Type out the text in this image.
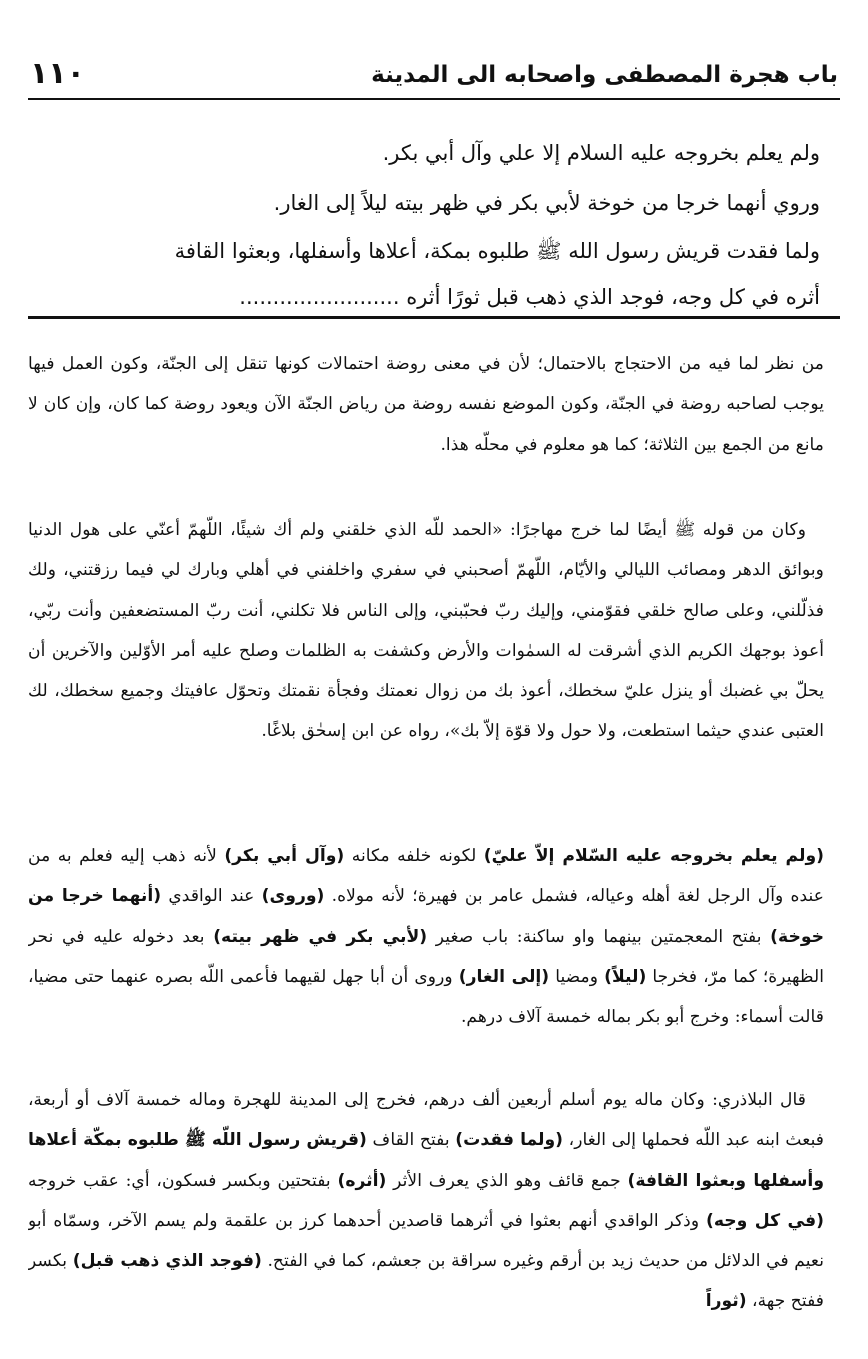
١١٠	باب هجرة المصطفى واصحابه الى المدينة

ولم يعلم بخروجه عليه السلام إلا علي وآل أبي بكر.

وروي أنهما خرجا من خوخة لأبي بكر في ظهر بيته ليلاً إلى الغار.

ولما فقدت قريش رسول الله ﷺ طلبوه بمكة، أعلاها وأسفلها، وبعثوا القافة

أثره في كل وجه، فوجد الذي ذهب قبل ثورًا أثره ........................

من نظر لما فيه من الاحتجاج بالاحتمال؛ لأن في معنى روضة احتمالات كونها تنقل إلى الجنّة، وكون العمل فيها يوجب لصاحبه روضة في الجنّة، وكون الموضع نفسه روضة من رياض الجنّة الآن ويعود روضة كما كان، وإن كان لا مانع من الجمع بين الثلاثة؛ كما هو معلوم في محلّه هذا.

وكان من قوله ﷺ أيضًا لما خرج مهاجرًا: «الحمد للّه الذي خلقني ولم أك شيئًا، اللّهمّ أعنّي على هول الدنيا وبوائق الدهر ومصائب الليالي والأيّام، اللّهمّ أصحبني في سفري واخلفني في أهلي وبارك لي فيما رزقتني، ولك فذلّلني، وعلى صالح خلقي فقوّمني، وإليك ربّ فحبّبني، وإلى الناس فلا تكلني، أنت ربّ المستضعفين وأنت ربّي، أعوذ بوجهك الكريم الذي أشرقت له السمٰوات والأرض وكشفت به الظلمات وصلح عليه أمر الأوّلين والآخرين أن يحلّ بي غضبك أو ينزل عليّ سخطك، أعوذ بك من زوال نعمتك وفجأة نقمتك وتحوّل عافيتك وجميع سخطك، لك العتبى عندي حيثما استطعت، ولا حول ولا قوّة إلاّ بك»، رواه عن ابن إسحٰق بلاغًا.

(ولم يعلم بخروجه عليه السّلام إلاّ عليّ) لكونه خلفه مكانه (وآل أبي بكر) لأنه ذهب إليه فعلم به من عنده وآل الرجل لغة أهله وعياله، فشمل عامر بن فهيرة؛ لأنه مولاه. (وروى) عند الواقدي (أنهما خرجا من خوخة) بفتح المعجمتين بينهما واو ساكنة: باب صغير (لأبي بكر في ظهر بيته) بعد دخوله عليه في نحر الظهيرة؛ كما مرّ، فخرجا (ليلاً) ومضيا (إلى الغار) وروى أن أبا جهل لقيهما فأعمى اللّه بصره عنهما حتى مضيا، قالت أسماء: وخرج أبو بكر بماله خمسة آلاف درهم.

قال البلاذري: وكان ماله يوم أسلم أربعين ألف درهم، فخرج إلى المدينة للهجرة وماله خمسة آلاف أو أربعة، فبعث ابنه عبد اللّه فحملها إلى الغار، (ولما فقدت) بفتح القاف (قريش رسول اللّه ﷺ طلبوه بمكّة أعلاها وأسفلها وبعثوا القافة) جمع قائف وهو الذي يعرف الأثر (أثره) بفتحتين وبكسر فسكون، أي: عقب خروجه (في كل وجه) وذكر الواقدي أنهم بعثوا في أثرهما قاصدين أحدهما كرز بن علقمة ولم يسم الآخر، وسمّاه أبو نعيم في الدلائل من حديث زيد بن أرقم وغيره سراقة بن جعشم، كما في الفتح. (فوجد الذي ذهب قبل) بكسر ففتح جهة، (ثوراً
